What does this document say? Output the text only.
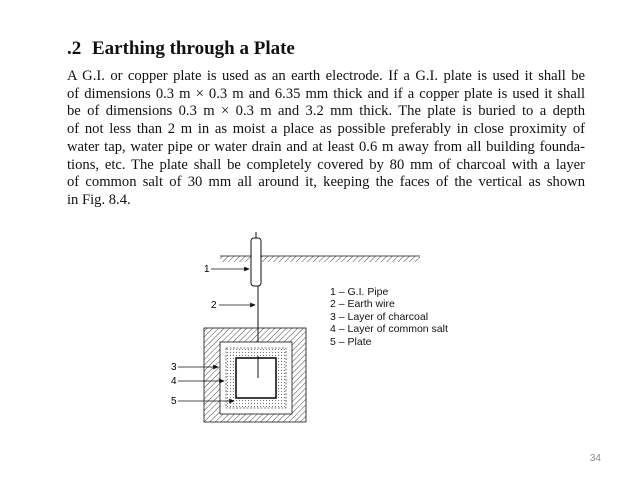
.2 Earthing through a Plate
A G.I. or copper plate is used as an earth electrode. If a G.I. plate is used it shall be
of dimensions 0.3 m × 0.3 m and 6.35 mm thick and if a copper plate is used it shall
be of dimensions 0.3 m × 0.3 m and 3.2 mm thick. The plate is buried to a depth
of not less than 2 m in as moist a place as possible preferably in close proximity of
water tap, water pipe or water drain and at least 0.6 m away from all building founda-
tions, etc. The plate shall be completely covered by 80 mm of charcoal with a layer
of common salt of 30 mm all around it, keeping the faces of the vertical as shown
in Fig. 8.4.
1
2
3
4
5
1 – G.I. Pipe
2 – Earth wire
3 – Layer of charcoal
4 – Layer of common salt
5 – Plate
34
